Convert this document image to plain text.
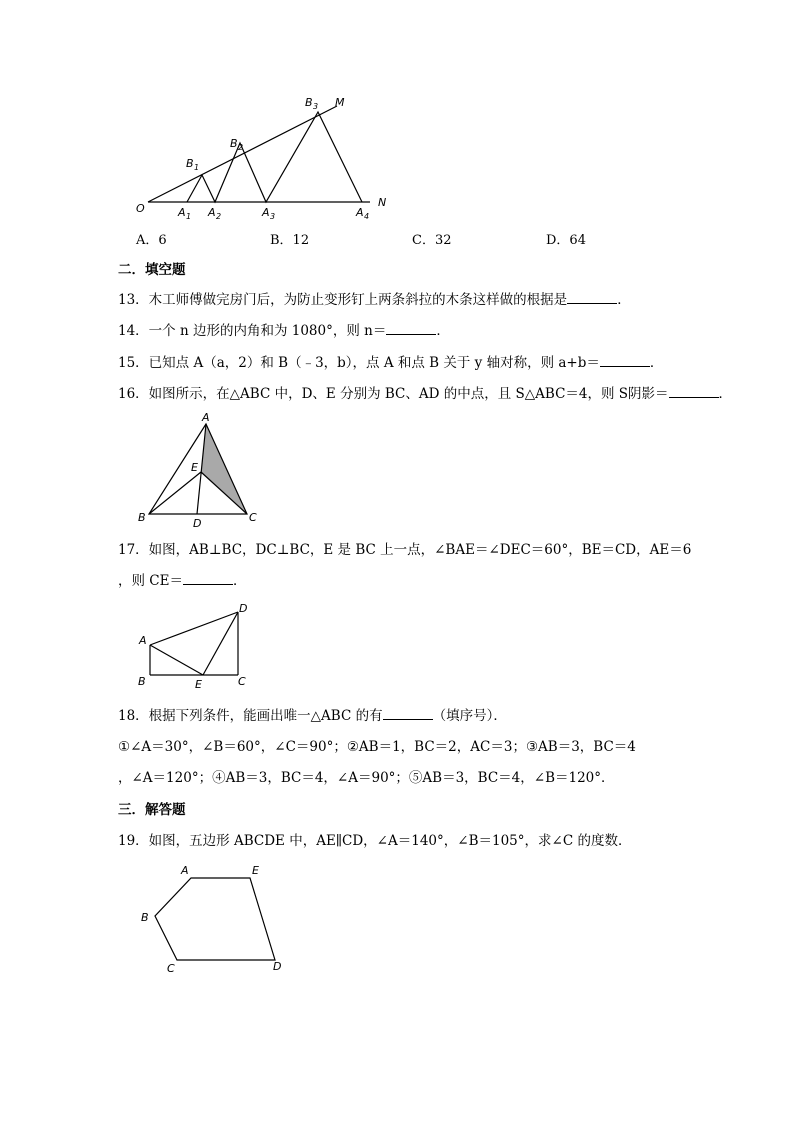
O	A 1 A 2	A 3	A 4
B 1
B 2
B 3 M
N
A．6	B．12	C．32	D．64
二．填空题
13．木工师傅做完房门后，为防止变形钉上两条斜拉的木条这样做的根据是	．
14．一个 n 边形的内角和为 1080°，则 n＝	．
15．已知点 A（a，2）和 B（﹣3，b），点 A 和点 B 关于 y 轴对称，则 a+b＝	．
16．如图所示，在△ABC 中，D、E 分别为 BC、AD 的中点，且 S△ABC＝4，则 S阴影＝	．
A
B	C
D
E
17．如图，AB⊥BC，DC⊥BC，E 是 BC 上一点，∠BAE＝∠DEC＝60°，BE＝CD，AE＝6
，则 CE＝	．
A
B	C
D
E
18．根据下列条件，能画出唯一△ABC 的有	（填序号）．
①∠A＝30°，∠B＝60°，∠C＝90°；②AB＝1，BC＝2，AC＝3；③AB＝3，BC＝4
，∠A＝120°；④AB＝3，BC＝4，∠A＝90°；⑤AB＝3，BC＝4，∠B＝120°．
三．解答题
19．如图，五边形 ABCDE 中，AE∥CD，∠A＝140°，∠B＝105°，求∠C 的度数．
A
B
C	D
E
